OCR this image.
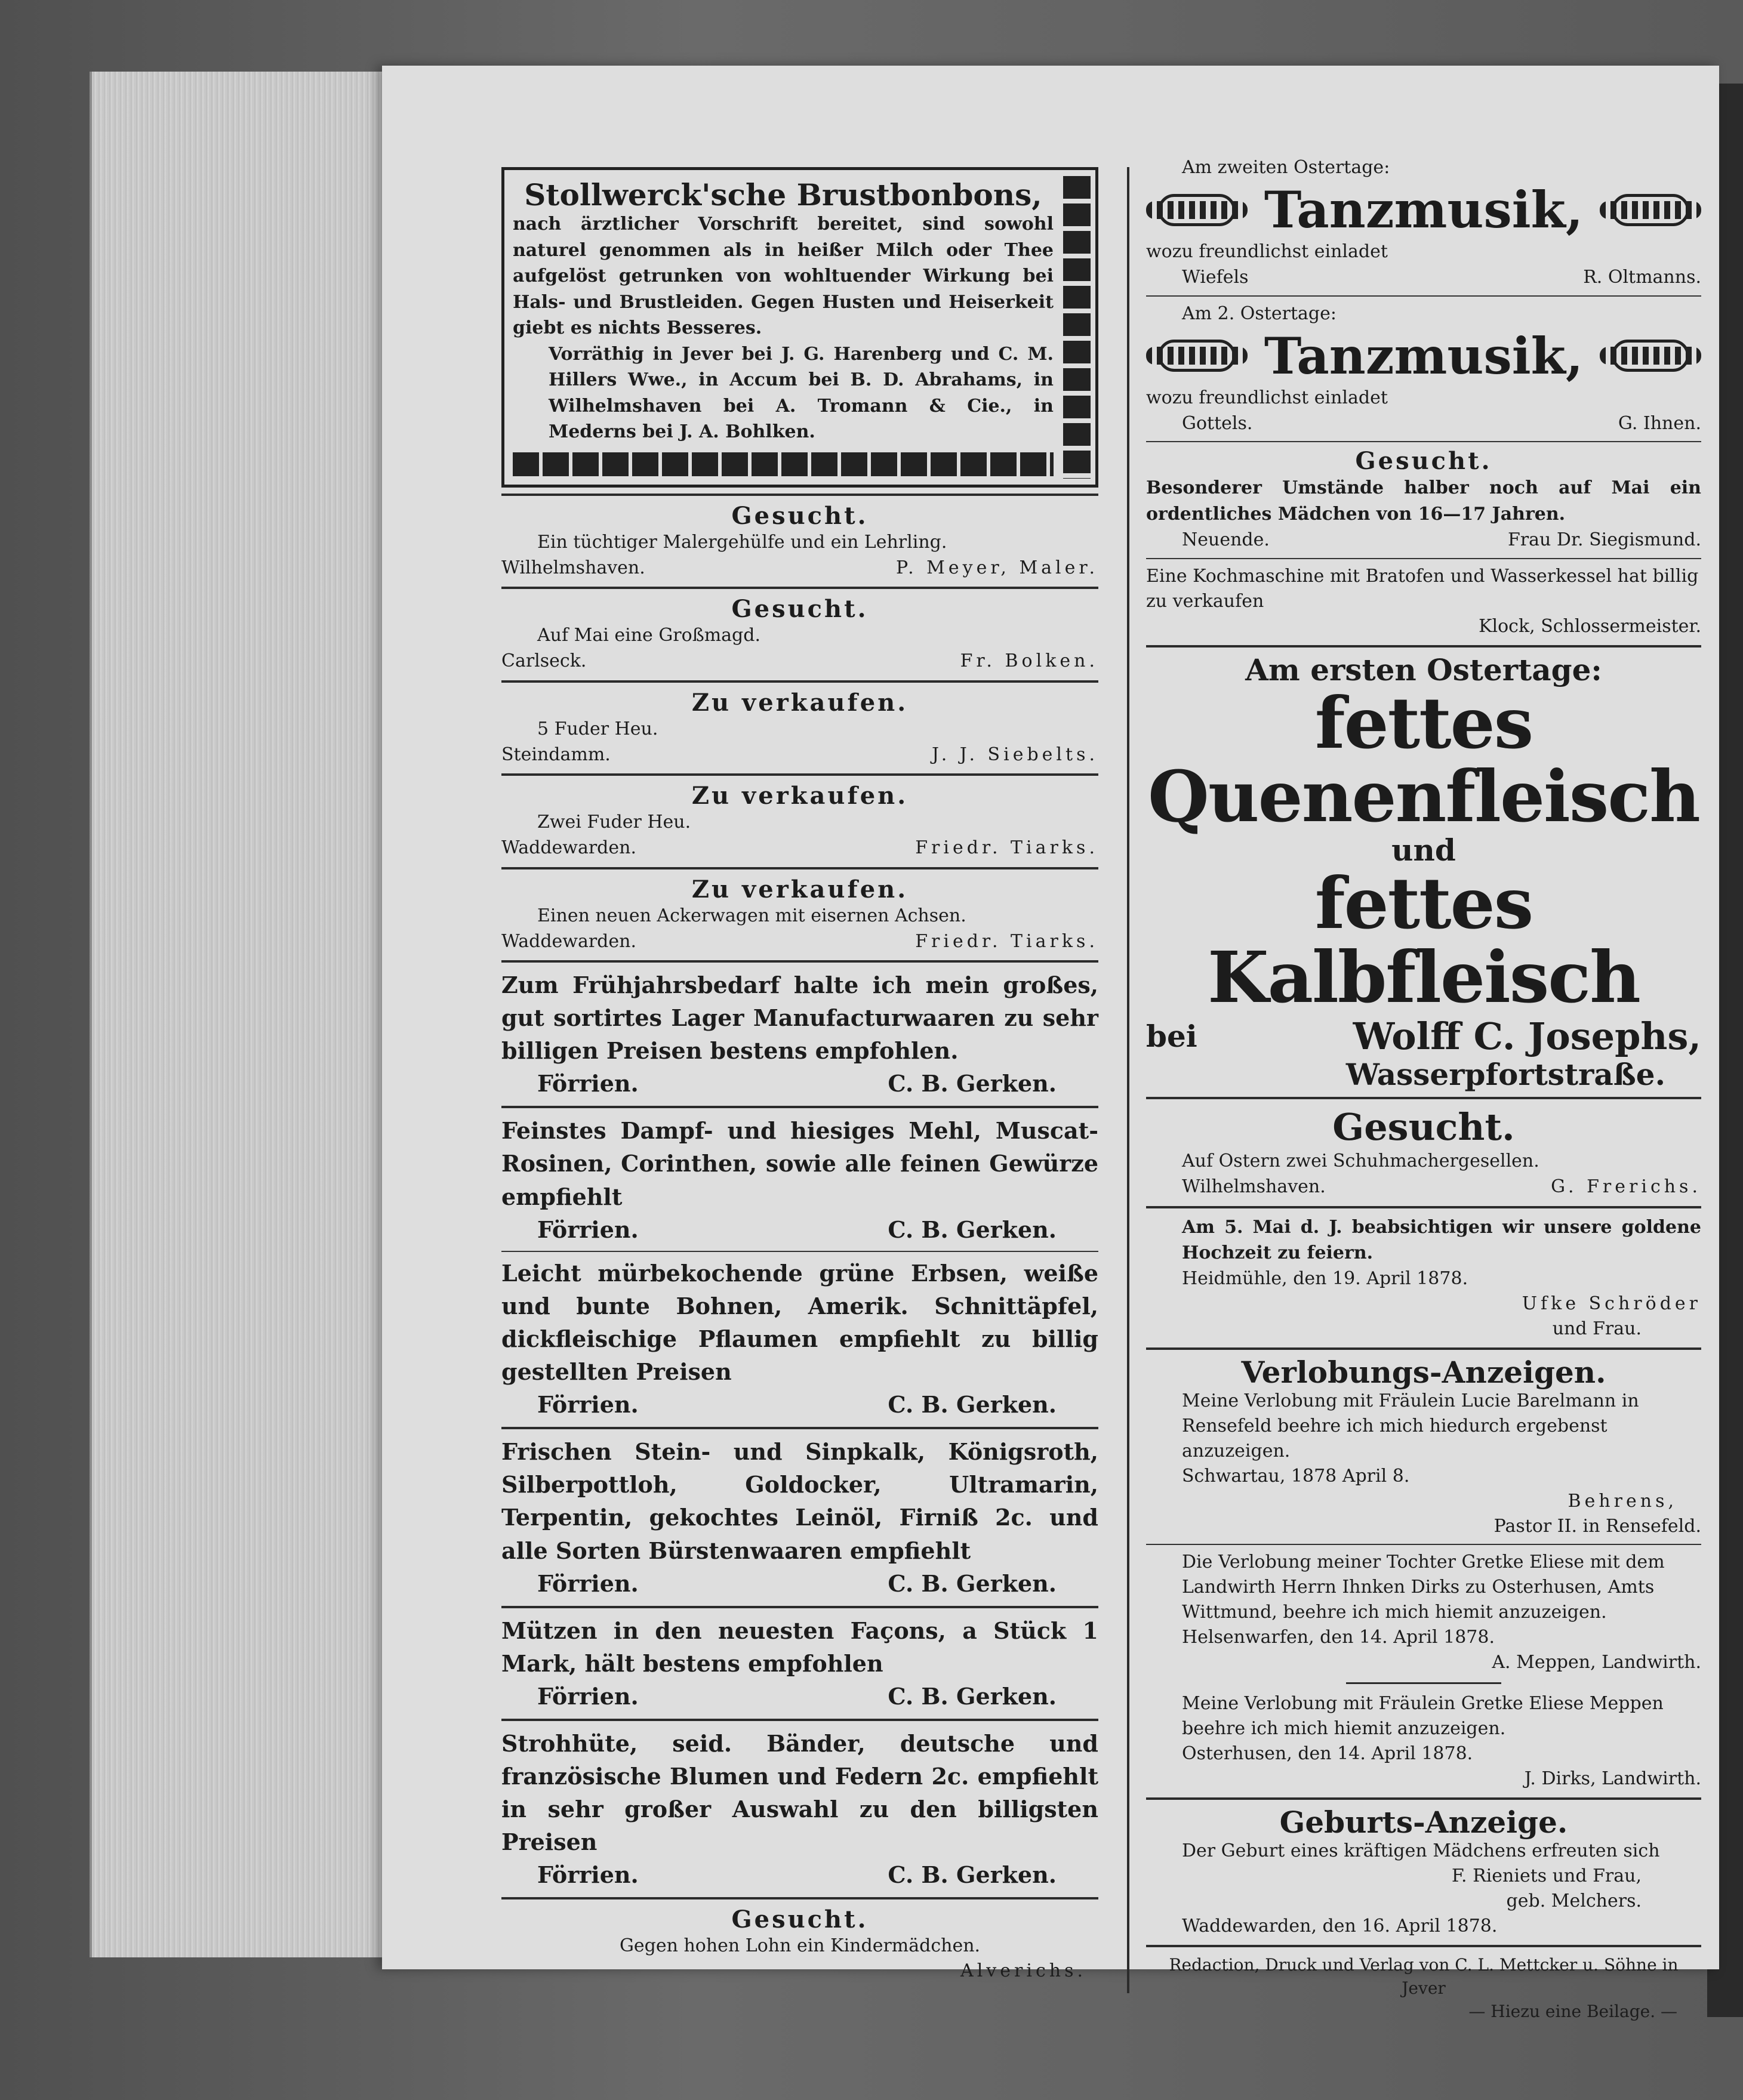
Stollwerck'sche Brustbonbons,
nach ärztlicher Vorschrift bereitet, sind sowohl naturel genommen als in heißer Milch oder Thee aufgelöst getrunken von wohltuender Wirkung bei Hals- und Brustleiden. Gegen Husten und Heiserkeit giebt es nichts Besseres.
Vorräthig in Jever bei J. G. Harenberg und C. M. Hillers Wwe., in Accum bei B. D. Abrahams, in Wilhelmshaven bei A. Tromann & Cie., in Mederns bei J. A. Bohlken.
Gesucht.
Ein tüchtiger Malergehülfe und ein Lehrling.
Wilhelmshaven.	P. Meyer, Maler.
Gesucht.
Auf Mai eine Großmagd.
Carlseck.	Fr. Bolken.
Zu verkaufen.
5 Fuder Heu.
Steindamm.	J. J. Siebelts.
Zu verkaufen.
Zwei Fuder Heu.
Waddewarden.	Friedr. Tiarks.
Zu verkaufen.
Einen neuen Ackerwagen mit eisernen Achsen.
Waddewarden.	Friedr. Tiarks.
Zum Frühjahrsbedarf halte ich mein großes, gut sortirtes Lager Manufacturwaaren zu sehr billigen Preisen bestens empfohlen.
Förrien.	C. B. Gerken.
Feinstes Dampf- und hiesiges Mehl, Muscat-Rosinen, Corinthen, sowie alle feinen Gewürze empfiehlt
Förrien.	C. B. Gerken.
Leicht mürbekochende grüne Erbsen, weiße und bunte Bohnen, Amerik. Schnittäpfel, dickfleischige Pflaumen empfiehlt zu billig gestellten Preisen
Förrien.	C. B. Gerken.
Frischen Stein- und Sinpkalk, Königsroth, Silberpottloh, Goldocker, Ultramarin, Terpentin, gekochtes Leinöl, Firniß 2c. und alle Sorten Bürstenwaaren empfiehlt
Förrien.	C. B. Gerken.
Mützen in den neuesten Façons, a Stück 1 Mark, hält bestens empfohlen
Förrien.	C. B. Gerken.
Strohhüte, seid. Bänder, deutsche und französische Blumen und Federn 2c. empfiehlt in sehr großer Auswahl zu den billigsten Preisen
Förrien.	C. B. Gerken.
Gesucht.
Gegen hohen Lohn ein Kindermädchen.
Alverichs.
Am zweiten Ostertage:
Tanzmusik,
wozu freundlichst einladet
Wiefels	R. Oltmanns.
Am 2. Ostertage:
Tanzmusik,
wozu freundlichst einladet
Gottels.	G. Ihnen.
Gesucht.
Besonderer Umstände halber noch auf Mai ein ordentliches Mädchen von 16—17 Jahren.
Neuende.	Frau Dr. Siegismund.
Eine Kochmaschine mit Bratofen und Wasserkessel hat billig zu verkaufen
Klock, Schlossermeister.
Am ersten Ostertage:
fettes Quenenfleisch
und
fettes Kalbfleisch
bei	Wolff C. Josephs,
Wasserpfortstraße.
Gesucht.
Auf Ostern zwei Schuhmachergesellen.
Wilhelmshaven.	G. Frerichs.
Am 5. Mai d. J. beabsichtigen wir unsere goldene Hochzeit zu feiern.
Heidmühle, den 19. April 1878.
Ufke Schröder
und Frau.
Verlobungs-Anzeigen.
Meine Verlobung mit Fräulein Lucie Barelmann in Rensefeld beehre ich mich hiedurch ergebenst anzuzeigen.
Schwartau, 1878 April 8.
Behrens,
Pastor II. in Rensefeld.
Die Verlobung meiner Tochter Gretke Eliese mit dem Landwirth Herrn Ihnken Dirks zu Osterhusen, Amts Wittmund, beehre ich mich hiemit anzuzeigen.
Helsenwarfen, den 14. April 1878.
A. Meppen, Landwirth.
Meine Verlobung mit Fräulein Gretke Eliese Meppen beehre ich mich hiemit anzuzeigen.
Osterhusen, den 14. April 1878.
J. Dirks, Landwirth.
Geburts-Anzeige.
Der Geburt eines kräftigen Mädchens erfreuten sich
F. Rieniets und Frau,
geb. Melchers.
Waddewarden, den 16. April 1878.
Redaction, Druck und Verlag von C. L. Mettcker u. Söhne in Jever
— Hiezu eine Beilage. —
